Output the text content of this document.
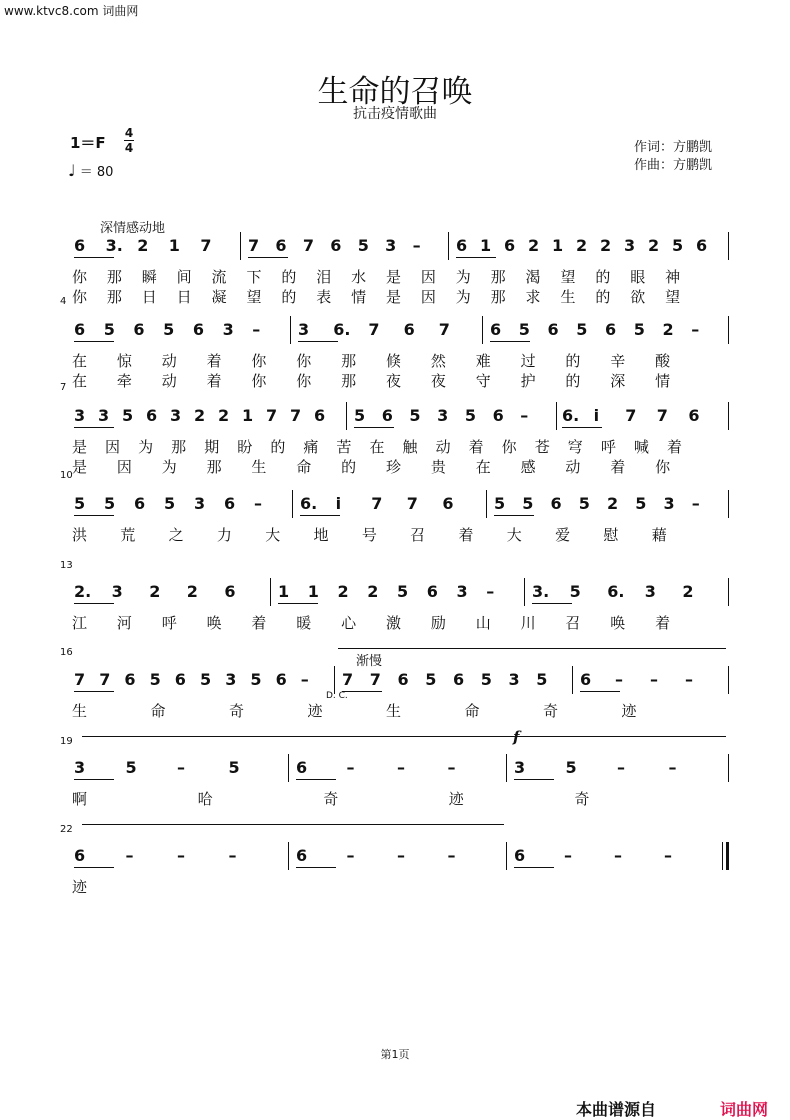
www.ktvc8.com 词曲网
生命的召唤
抗击疫情歌曲
1＝F
4
4
♩ ＝ 80
作词：方鹏凯
作曲：方鹏凯
深情感动地
6 3. 2 1 7 7 6 7 6 5 3 – 6 1 6 2 1 2 2 3 2 5 6
你 那 瞬 间 流 下 的 泪 水 是 因 为 那 渴 望 的 眼 神
你 那 日 日 凝 望 的 表 情 是 因 为 那 求 生 的 欲 望
6 5 6 5 6 3 – 3 6. 7 6 7	6 5 6 5 6 5 2 –
在 惊 动 着 你 你 那 倏 然 难 过 的 辛 酸
在 牵 动 着 你 你 那 夜 夜 守 护 的 深 情
3 3 5 6 3 2 2 1 7 7 6 5 6 5 3 5 6 – 6. i 7 7 6
是 因 为 那 期 盼 的 痛 苦 在 触 动 着 你 苍 穹 呼 喊 着
是 因 为 那 生 命 的 珍 贵 在 感 动 着 你
5 5 6 5 3 6 – 6. i 7 7 6	5 5 6 5 2 5 3 –
洪 荒 之 力 大 地 号 召 着 大 爱 慰 藉
2. 3 2 2 6	1 1 2 2 5 6 3 – 3. 5 6. 3 2
江 河 呼 唤 着 暖 心 激 励 山 川 召 唤 着
7 7 6 5 6 5 3 5 6 – 7 7 6 5 6 5 3 5 6 – – –
生	命	奇	迹	生	命	奇	迹
3	5	–	5	6 –	–	–	3	5	–	–
啊	哈	奇	迹	奇
6	–	–	–	6 –	–	–	6 –	–	–
迹
4
7
10
13
16
19
22
渐慢
D. C.
f
第1页
本曲谱源自	词曲网
